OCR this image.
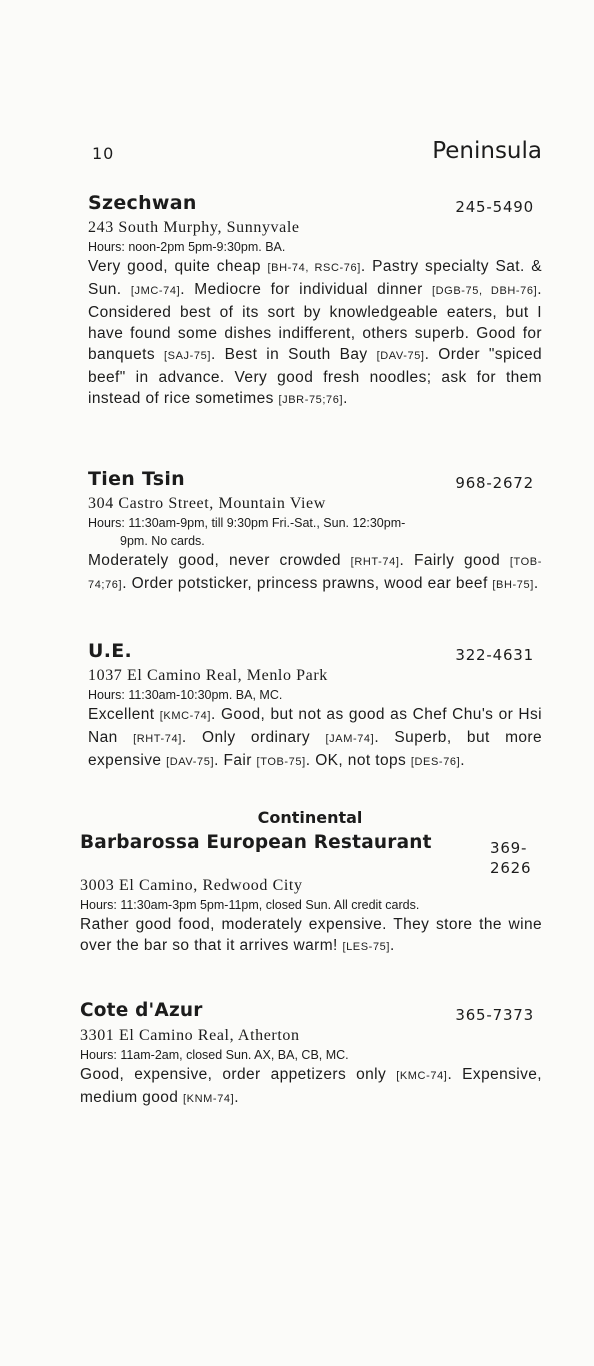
10	Peninsula
Szechwan	245-5490
243 South Murphy, Sunnyvale
Hours: noon-2pm 5pm-9:30pm. BA.
Very good, quite cheap [BH-74, RSC-76]. Pastry specialty Sat. & Sun. [JMC-74]. Mediocre for individual dinner [DGB-75, DBH-76]. Considered best of its sort by knowledgeable eaters, but I have found some dishes indifferent, others superb. Good for banquets [SAJ-75]. Best in South Bay [DAV-75]. Order "spiced beef" in advance. Very good fresh noodles; ask for them instead of rice sometimes [JBR-75;76].
Tien Tsin	968-2672
304 Castro Street, Mountain View
Hours: 11:30am-9pm, till 9:30pm Fri.-Sat., Sun. 12:30pm-
9pm. No cards.
Moderately good, never crowded [RHT-74]. Fairly good [TOB-74;76]. Order potsticker, princess prawns, wood ear beef [BH-75].
U.E.	322-4631
1037 El Camino Real, Menlo Park
Hours: 11:30am-10:30pm. BA, MC.
Excellent [KMC-74]. Good, but not as good as Chef Chu's or Hsi Nan [RHT-74]. Only ordinary [JAM-74]. Superb, but more expensive [DAV-75]. Fair [TOB-75]. OK, not tops [DES-76].
Continental
Barbarossa European Restaurant	369-
2626
3003 El Camino, Redwood City
Hours: 11:30am-3pm 5pm-11pm, closed Sun. All credit cards.
Rather good food, moderately expensive. They store the wine over the bar so that it arrives warm! [LES-75].
Cote d'Azur	365-7373
3301 El Camino Real, Atherton
Hours: 11am-2am, closed Sun. AX, BA, CB, MC.
Good, expensive, order appetizers only [KMC-74]. Expensive, medium good [KNM-74].
